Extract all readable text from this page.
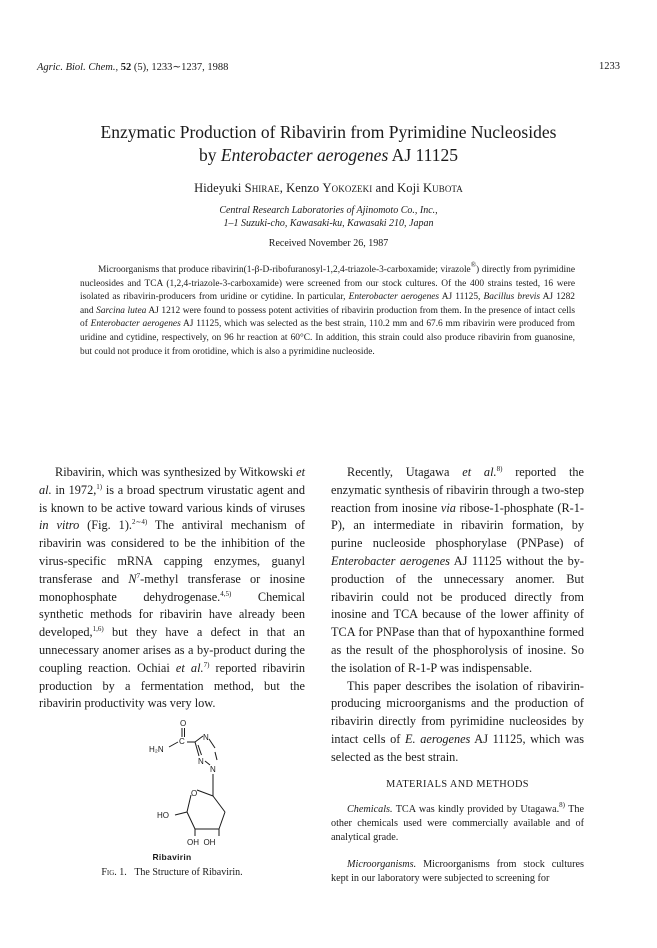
Agric. Biol. Chem., 52 (5), 1233∼1237, 1988	1233
Enzymatic Production of Ribavirin from Pyrimidine Nucleosides
by Enterobacter aerogenes AJ 11125
Hideyuki Shirae, Kenzo Yokozeki and Koji Kubota
Central Research Laboratories of Ajinomoto Co., Inc.,
1–1 Suzuki-cho, Kawasaki-ku, Kawasaki 210, Japan
Received November 26, 1987

Microorganisms that produce ribavirin(1-β-D-ribofuranosyl-1,2,4-triazole-3-carboxamide; virazole®) directly from pyrimidine nucleosides and TCA (1,2,4-triazole-3-carboxamide) were screened from our stock cultures. Of the 400 strains tested, 16 were isolated as ribavirin-producers from uridine or cytidine. In particular, Enterobacter aerogenes AJ 11125, Bacillus brevis AJ 1282 and Sarcina lutea AJ 1212 were found to possess potent activities of ribavirin production from them. In the presence of intact cells of Enterobacter aerogenes AJ 11125, which was selected as the best strain, 110.2 mm and 67.6 mm ribavirin were produced from uridine and cytidine, respectively, on 96 hr reaction at 60°C. In addition, this strain could also produce ribavirin from guanosine, but could not produce it from orotidine, which is also a pyrimidine nucleoside.

Ribavirin, which was synthesized by Witkowski et al. in 1972,$^{1)}$ is a broad spectrum virustatic agent and is known to be active toward various kinds of viruses in vitro (Fig. 1).$^{2\sim 4)}$ The antiviral mechanism of ribavirin was considered to be the inhibition of the virus-specific mRNA capping enzymes, guanyl transferase and $N^7$-methyl transferase or inosine monophosphate dehydrogenase.$^{4,5)}$ Chemical synthetic methods for ribavirin have already been developed,$^{1,6)}$ but they have a defect in that an unnecessary anomer arises as a by-product during the coupling reaction. Ochiai et al.$^{7)}$ reported ribavirin production by a fermentation method, but the ribavirin productivity was very low.

O
C
H₂N
N
N
N
O
HO
OH  OH
Ribavirin
Fig. 1. The Structure of Ribavirin.

Recently, Utagawa et al.$^{8)}$ reported the enzymatic synthesis of ribavirin through a two-step reaction from inosine via ribose-1-phosphate (R-1-P), an intermediate in ribavirin formation, by purine nucleoside phosphorylase (PNPase) of Enterobacter aerogenes AJ 11125 without the by-production of the unnecessary anomer. But ribavirin could not be produced directly from inosine and TCA because of the lower affinity of TCA for PNPase than that of hypoxanthine formed as the result of the phosphorolysis of inosine. So the isolation of R-1-P was indispensable.

This paper describes the isolation of ribavirin-producing microorganisms and the production of ribavirin directly from pyrimidine nucleosides by intact cells of E. aerogenes AJ 11125, which was selected as the best strain.

MATERIALS AND METHODS

Chemicals. TCA was kindly provided by Utagawa.$^{8)}$ The other chemicals used were commercially available and of analytical grade.

Microorganisms. Microorganisms from stock cultures kept in our laboratory were subjected to screening for
